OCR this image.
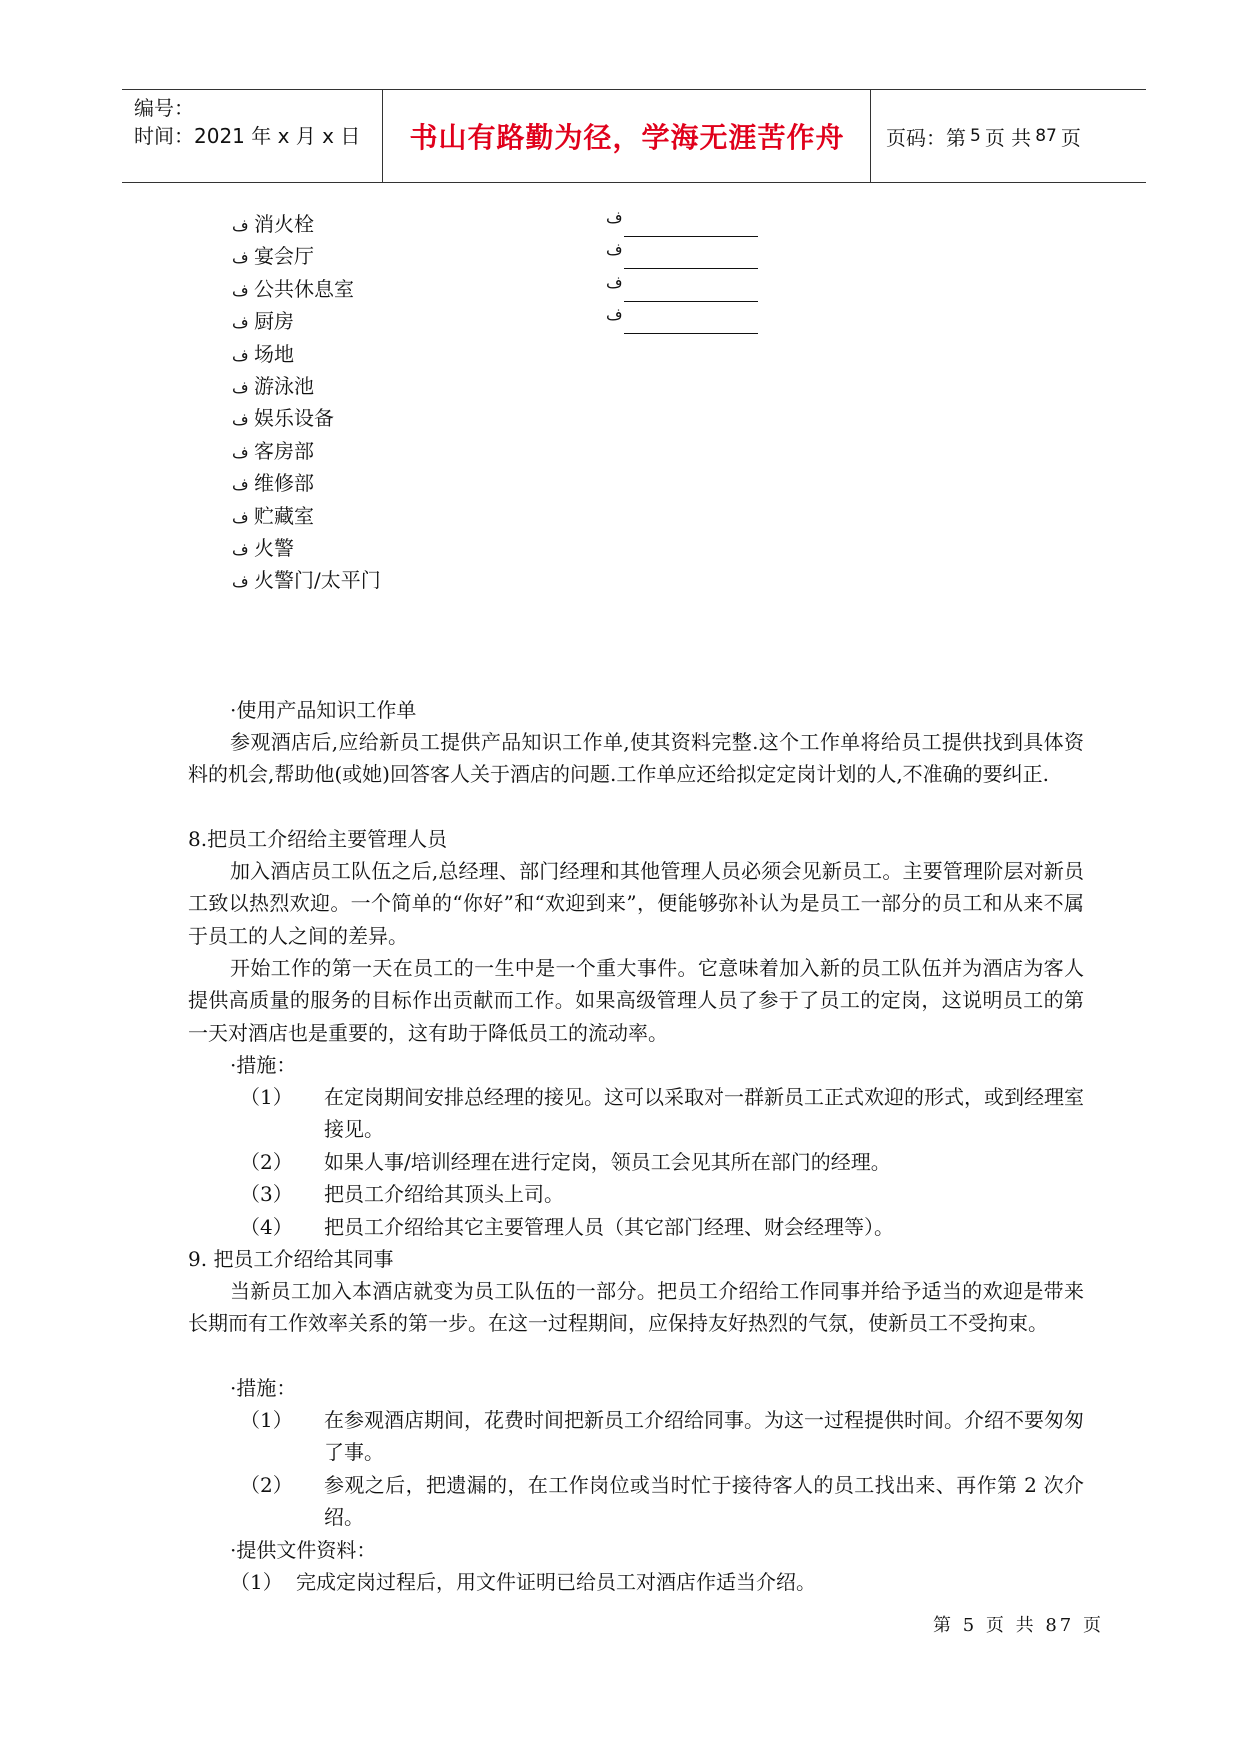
编号：
时间：2021 年 x 月 x 日	书山有路勤为径，学海无涯苦作舟	页码：第 5 页 共 87 页
ف 消火栓
ف 宴会厅
ف 公共休息室
ف 厨房
ف 场地
ف 游泳池
ف 娱乐设备
ف 客房部
ف 维修部
ف 贮藏室
ف 火警
ف 火警门/太平门
ف
ف
ف
ف
·使用产品知识工作单
参观酒店后,应给新员工提供产品知识工作单,使其资料完整.这个工作单将给员工提供找到具体资料的机会,帮助他(或她)回答客人关于酒店的问题.工作单应还给拟定定岗计划的人,不准确的要纠正.
8.把员工介绍给主要管理人员
加入酒店员工队伍之后,总经理、部门经理和其他管理人员必须会见新员工。主要管理阶层对新员工致以热烈欢迎。一个简单的“你好”和“欢迎到来”，便能够弥补认为是员工一部分的员工和从来不属于员工的人之间的差异。
开始工作的第一天在员工的一生中是一个重大事件。它意味着加入新的员工队伍并为酒店为客人提供高质量的服务的目标作出贡献而工作。如果高级管理人员了参于了员工的定岗，这说明员工的第一天对酒店也是重要的，这有助于降低员工的流动率。
·措施：
（1） 在定岗期间安排总经理的接见。这可以采取对一群新员工正式欢迎的形式，或到经理室接见。
（2） 如果人事/培训经理在进行定岗，领员工会见其所在部门的经理。
（3） 把员工介绍给其顶头上司。
（4） 把员工介绍给其它主要管理人员（其它部门经理、财会经理等）。
9. 把员工介绍给其同事
当新员工加入本酒店就变为员工队伍的一部分。把员工介绍给工作同事并给予适当的欢迎是带来长期而有工作效率关系的第一步。在这一过程期间，应保持友好热烈的气氛，使新员工不受拘束。
·措施：
（1） 在参观酒店期间，花费时间把新员工介绍给同事。为这一过程提供时间。介绍不要匆匆了事。
（2） 参观之后，把遗漏的，在工作岗位或当时忙于接待客人的员工找出来、再作第 2 次介绍。
·提供文件资料：
（1） 完成定岗过程后，用文件证明已给员工对酒店作适当介绍。
第 5 页 共 87 页
